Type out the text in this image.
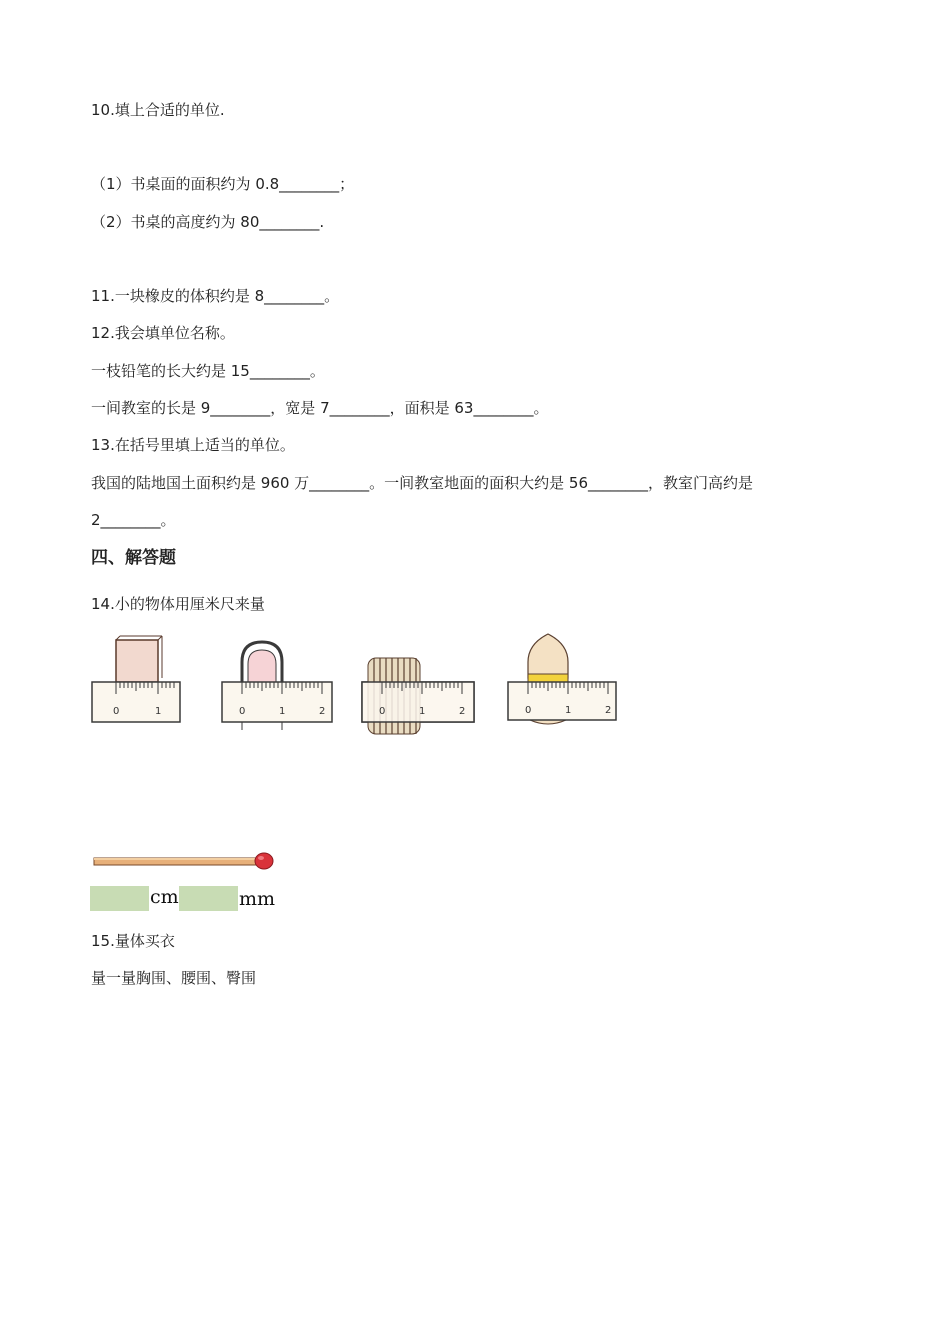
10.填上合适的单位.
（1）书桌面的面积约为 0.8________；
（2）书桌的高度约为 80________.
11.一块橡皮的体积约是 8________。
12.我会填单位名称。
一枝铅笔的长大约是 15________。
一间教室的长是 9________，宽是 7________，面积是 63________。
13.在括号里填上适当的单位。
我国的陆地国土面积约是 960 万________。一间教室地面的面积大约是 56________，教室门高约是
2________。
四、解答题
14.小的物体用厘米尺来量
0	1	0	1	2	0	1	2	0	1	2
cm	mm
15.量体买衣
量一量胸围、腰围、臀围
